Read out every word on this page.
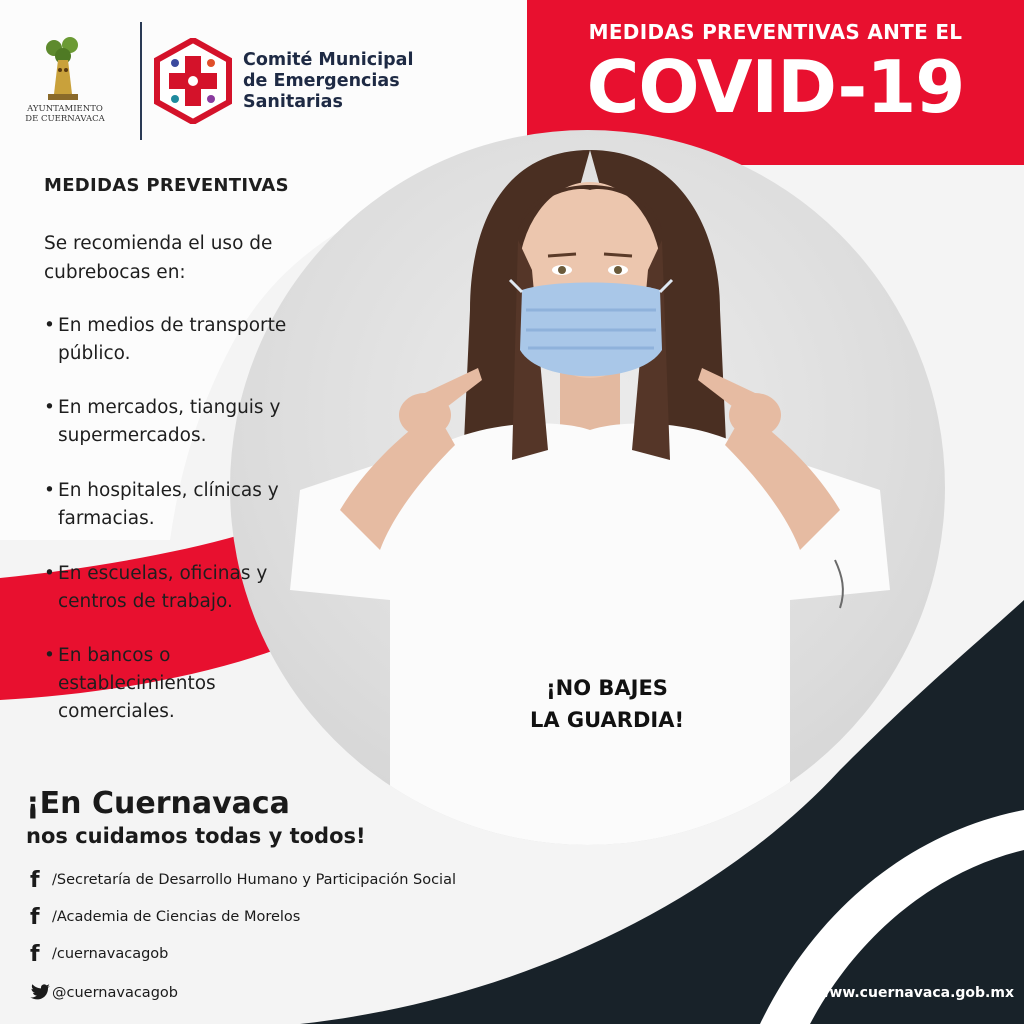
MEDIDAS PREVENTIVAS ANTE EL
COVID-19
AYUNTAMIENTO
DE CUERNAVACA
Comité Municipal
de Emergencias
Sanitarias
MEDIDAS PREVENTIVAS
Se recomienda el uso de
cubrebocas en:
• En medios de transporte
público.
• En mercados, tianguis y
supermercados.
• En hospitales, clínicas y
farmacias.
• En escuelas, oficinas y
centros de trabajo.
• En bancos o
establecimientos
comerciales.
¡NO BAJES
LA GUARDIA!
¡En Cuernavaca
nos cuidamos todas y todos!
f /Secretaría de Desarrollo Humano y Participación Social
f /Academia de Ciencias de Morelos
f /cuernavacagob
@cuernavacagob	www.cuernavaca.gob.mx
